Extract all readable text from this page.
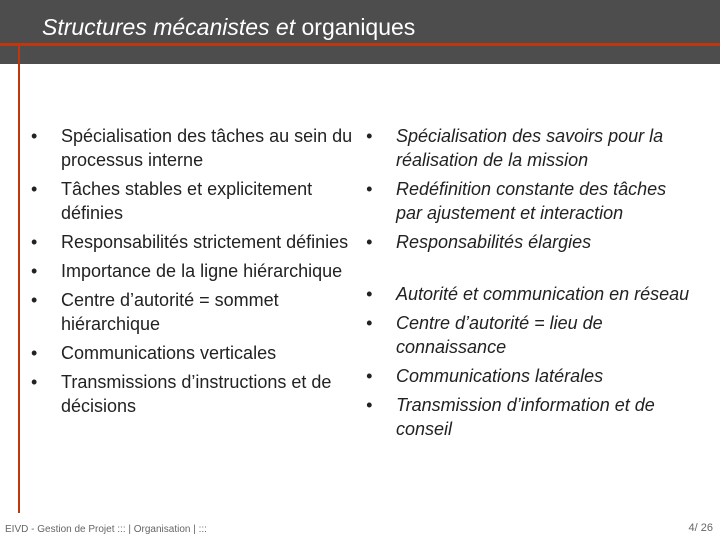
Structures mécanistes et organiques
• Spécialisation des tâches au sein du processus interne
• Tâches stables et explicitement définies
• Responsabilités strictement définies
• Importance de la ligne hiérarchique
• Centre d’autorité = sommet hiérarchique
• Communications verticales
• Transmissions d’instructions et de décisions
• Spécialisation des savoirs pour la réalisation de la mission
• Redéfinition constante des tâches par ajustement et interaction
• Responsabilités élargies
• Autorité et communication en réseau
• Centre d’autorité = lieu de connaissance
• Communications latérales
• Transmission d’information et de conseil
EIVD - Gestion de Projet ::: | Organisation | :::	4/ 26
